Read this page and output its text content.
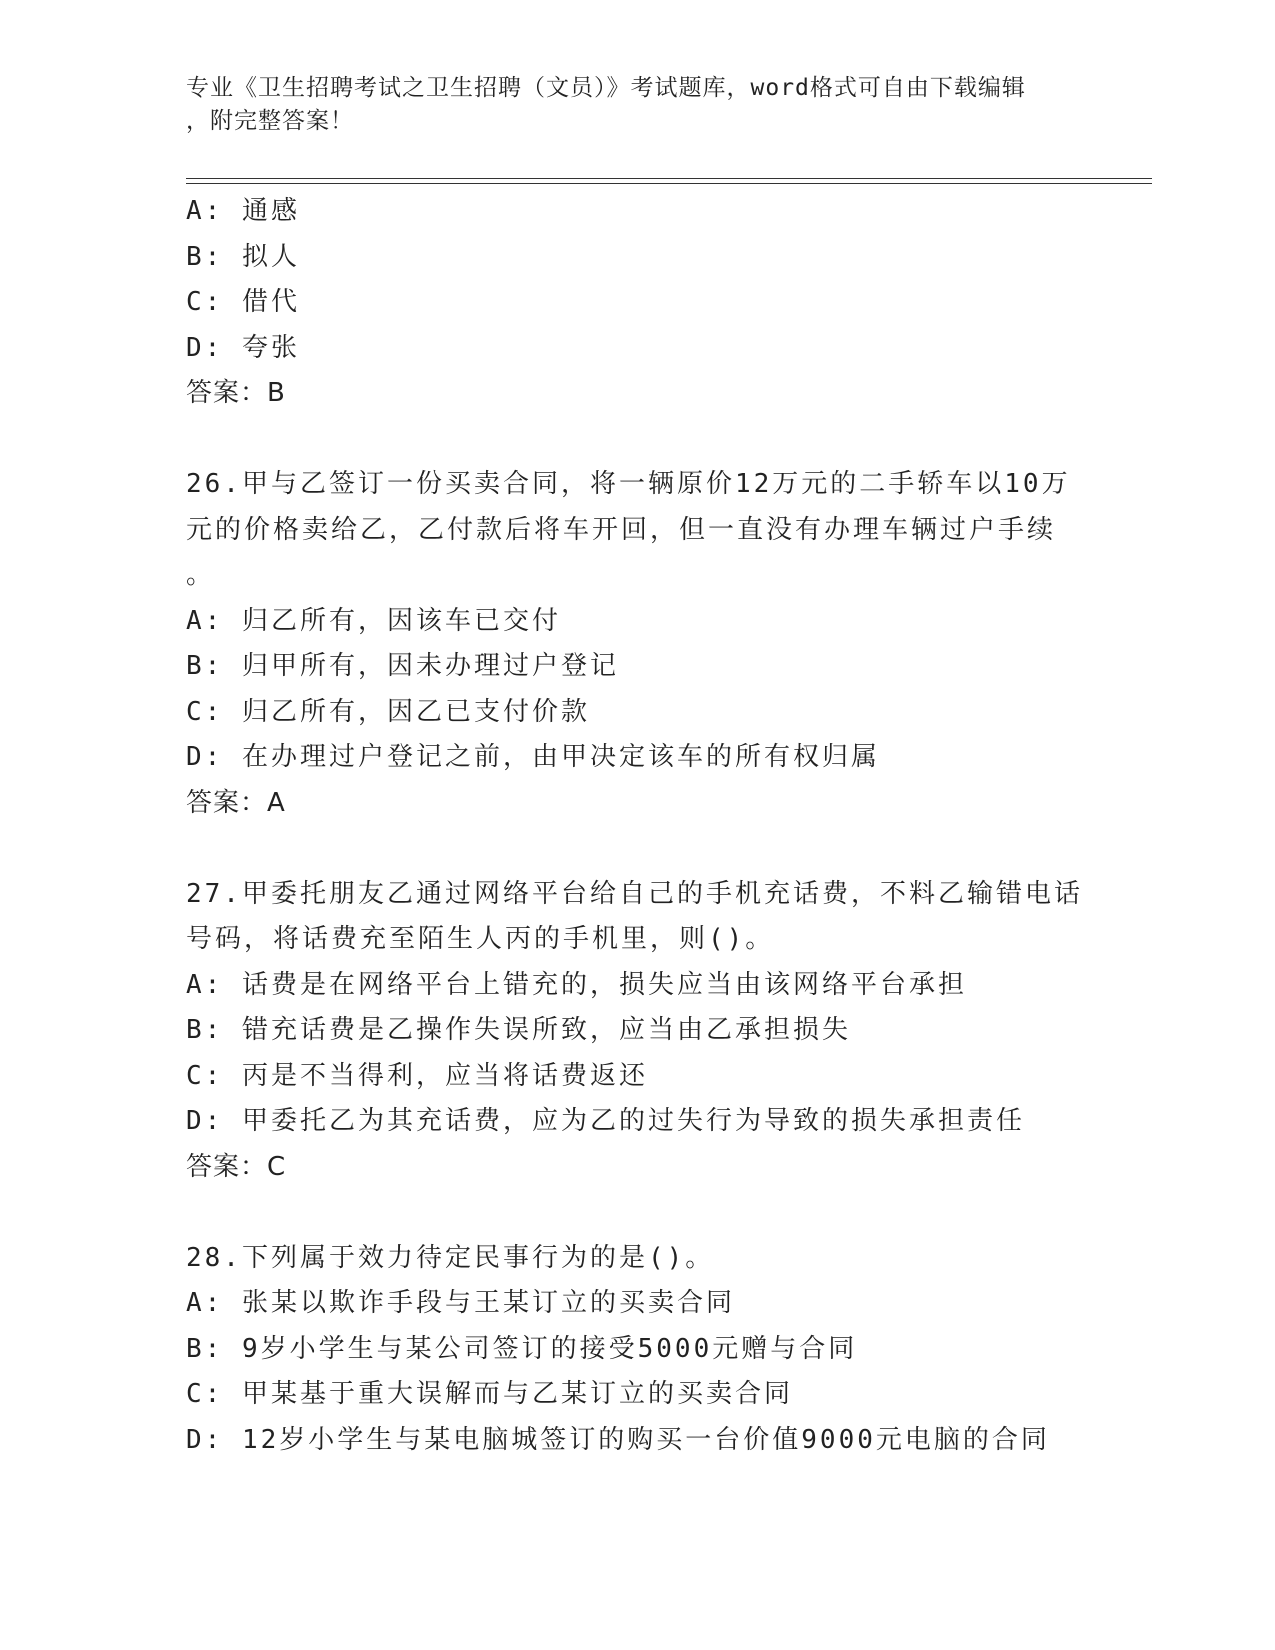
专业《卫生招聘考试之卫生招聘（文员）》考试题库，word格式可自由下载编辑
，附完整答案！
A: 通感
B: 拟人
C: 借代
D: 夸张
答案：B
26.甲与乙签订一份买卖合同，将一辆原价12万元的二手轿车以10万
元的价格卖给乙，乙付款后将车开回，但一直没有办理车辆过户手续
。
A: 归乙所有，因该车已交付
B: 归甲所有，因未办理过户登记
C: 归乙所有，因乙已支付价款
D: 在办理过户登记之前，由甲决定该车的所有权归属
答案：A
27.甲委托朋友乙通过网络平台给自己的手机充话费，不料乙输错电话
号码，将话费充至陌生人丙的手机里，则()。
A: 话费是在网络平台上错充的，损失应当由该网络平台承担
B: 错充话费是乙操作失误所致，应当由乙承担损失
C: 丙是不当得利，应当将话费返还
D: 甲委托乙为其充话费，应为乙的过失行为导致的损失承担责任
答案：C
28.下列属于效力待定民事行为的是()。
A: 张某以欺诈手段与王某订立的买卖合同
B: 9岁小学生与某公司签订的接受5000元赠与合同
C: 甲某基于重大误解而与乙某订立的买卖合同
D: 12岁小学生与某电脑城签订的购买一台价值9000元电脑的合同
